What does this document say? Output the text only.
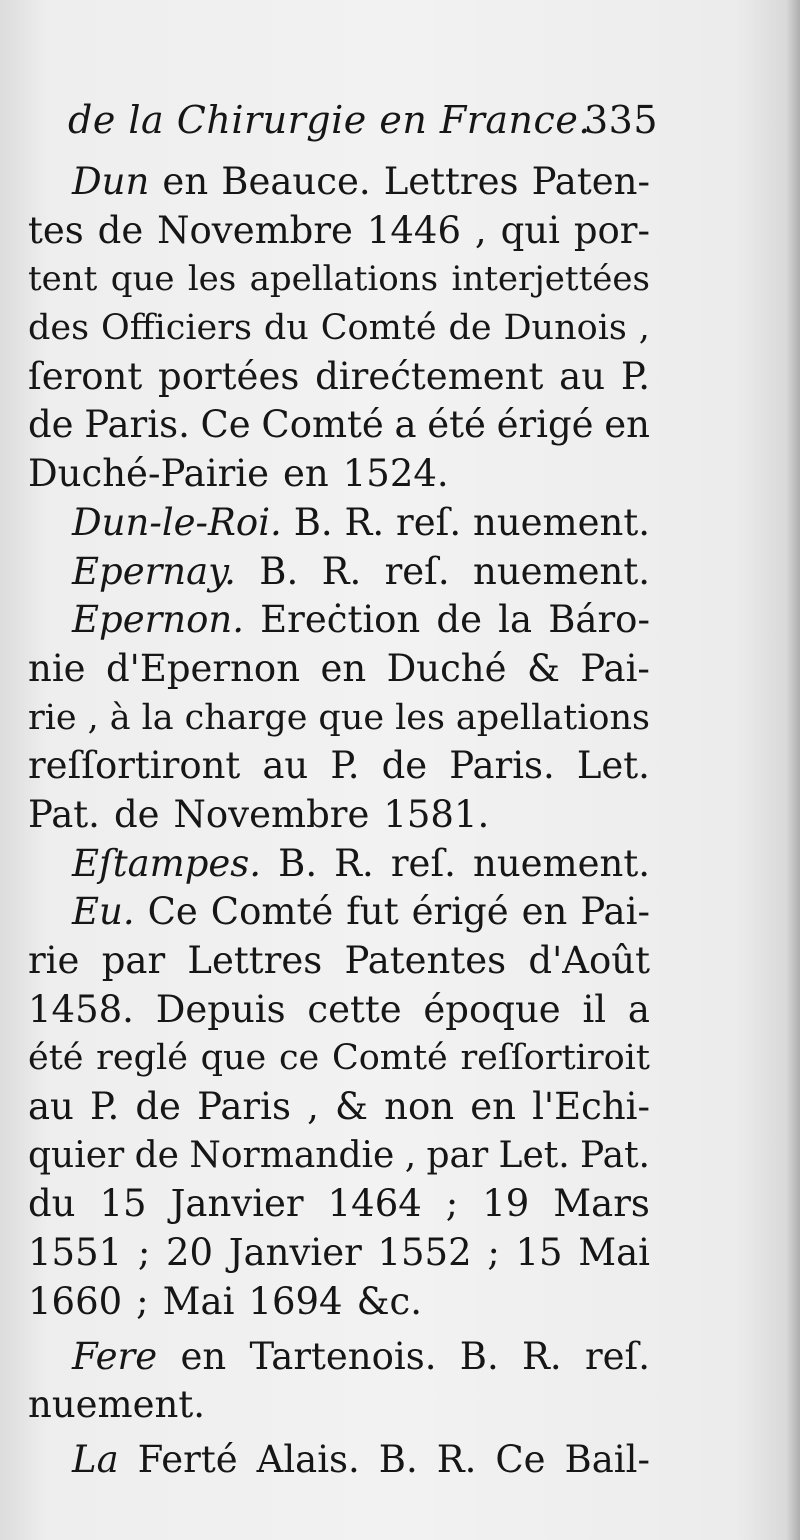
de la Chirurgie en France.
335
Dun en Beauce. Lettres Paten-
tes de Novembre 1446 , qui por-
tent que les apellations interjettées
des Officiers du Comté de Dunois ,
ſeront portées direćtement au P.
de Paris. Ce Comté a été érigé en
Duché-Pairie en 1524.
Dun-le-Roi. B. R. reſ. nuement.
Epernay. B. R. reſ. nuement.
Epernon. Ereċtion de la Báro-
nie d'Epernon en Duché & Pai-
rie , à la charge que les apellations
reſſortiront au P. de Paris. Let.
Pat. de Novembre 1581.
Eſtampes. B. R. reſ. nuement.
Eu. Ce Comté fut érigé en Pai-
rie par Lettres Patentes d'Août
1458. Depuis cette époque il a
été reglé que ce Comté reſſortiroit
au P. de Paris , & non en l'Echi-
quier de Normandie , par Let. Pat.
du 15 Janvier 1464 ; 19 Mars
1551 ; 20 Janvier 1552 ; 15 Mai
1660 ; Mai 1694 &c.
Fere en Tartenois. B. R. reſ.
nuement.
La Ferté Alais. B. R. Ce Bail-
